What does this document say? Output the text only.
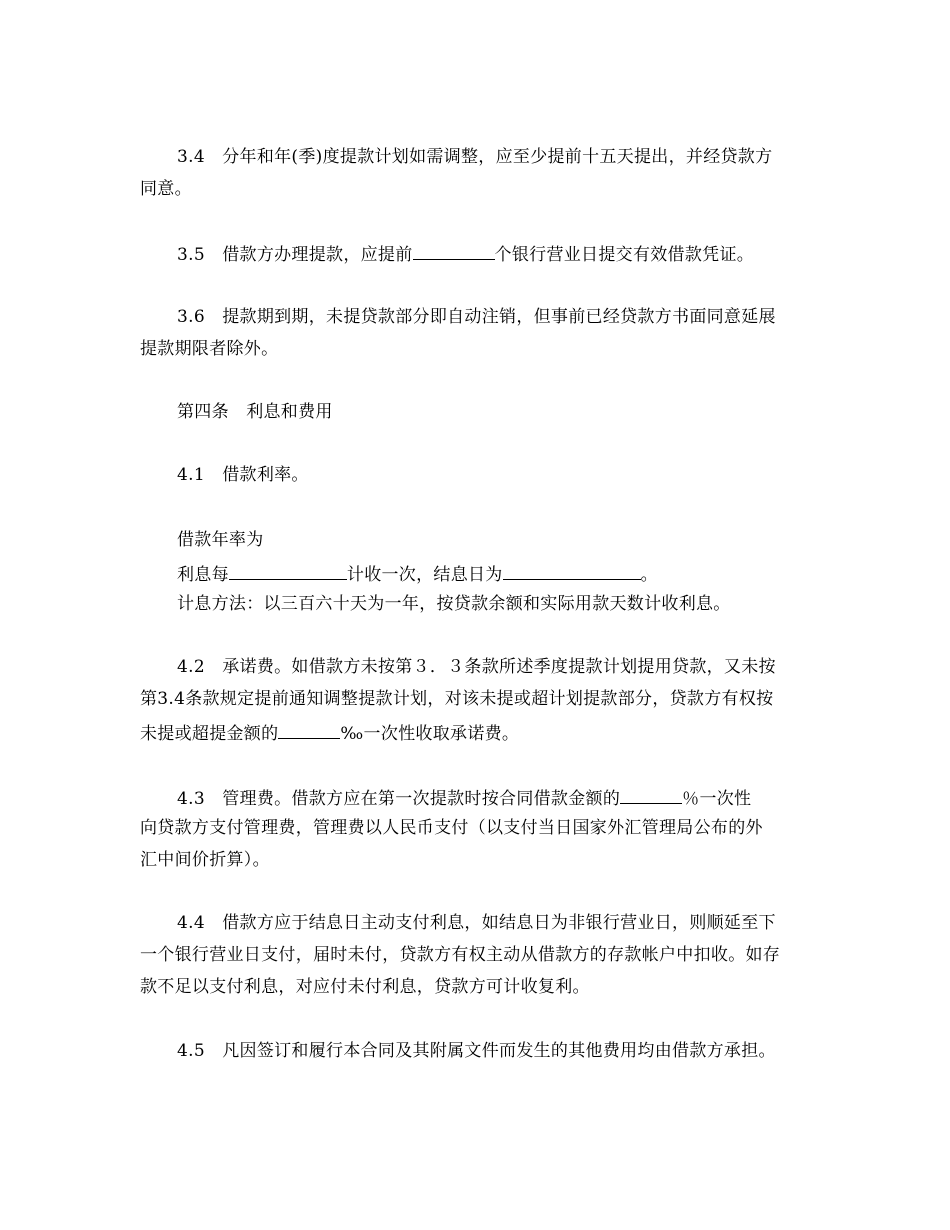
3.4　分年和年(季)度提款计划如需调整，应至少提前十五天提出，并经贷款方
同意。
3.5　借款方办理提款，应提前	个银行营业日提交有效借款凭证。
3.6　提款期到期，未提贷款部分即自动注销，但事前已经贷款方书面同意延展
提款期限者除外。
第四条　利息和费用
4.1　借款利率。
借款年率为
利息每	计收一次，结息日为	。
计息方法：以三百六十天为一年，按贷款余额和实际用款天数计收利息。
4.2　承诺费。如借款方未按第３．３条款所述季度提款计划提用贷款，又未按
第3.4条款规定提前通知调整提款计划，对该未提或超计划提款部分，贷款方有权按
未提或超提金额的	‰一次性收取承诺费。
4.3　管理费。借款方应在第一次提款时按合同借款金额的	％一次性
向贷款方支付管理费，管理费以人民币支付（以支付当日国家外汇管理局公布的外
汇中间价折算）。
4.4　借款方应于结息日主动支付利息，如结息日为非银行营业日，则顺延至下
一个银行营业日支付，届时未付，贷款方有权主动从借款方的存款帐户中扣收。如存
款不足以支付利息，对应付未付利息，贷款方可计收复利。
4.5　凡因签订和履行本合同及其附属文件而发生的其他费用均由借款方承担。
